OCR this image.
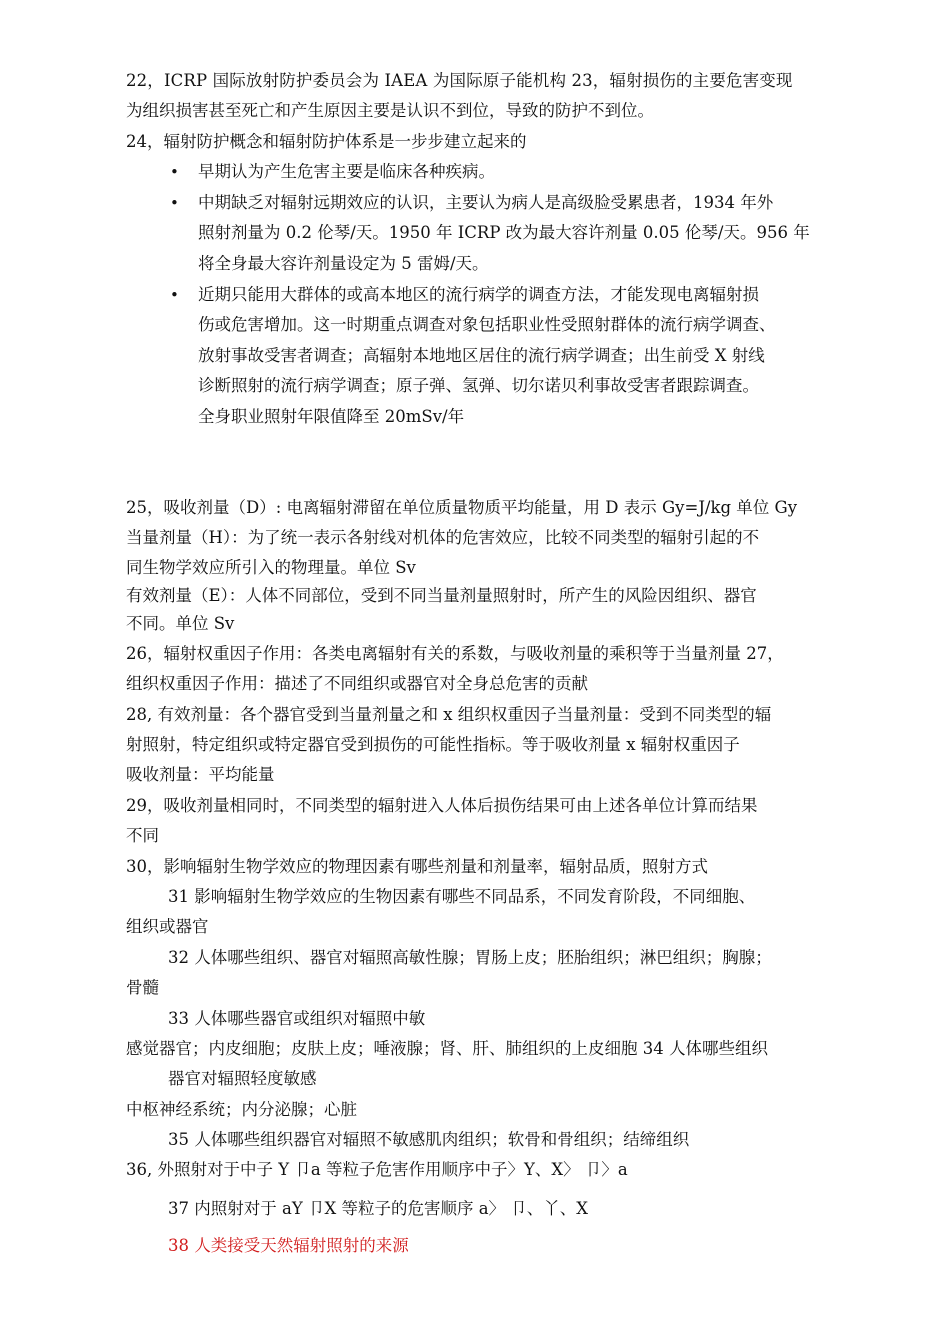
22，ICRP 国际放射防护委员会为 IAEA 为国际原子能机构 23，辐射损伤的主要危害变现
为组织损害甚至死亡和产生原因主要是认识不到位，导致的防护不到位。
24，辐射防护概念和辐射防护体系是一步步建立起来的
• 早期认为产生危害主要是临床各种疾病。
• 中期缺乏对辐射远期效应的认识，主要认为病人是高级脸受累患者，1934 年外
照射剂量为 0.2 伦琴/天。1950 年 ICRP 改为最大容许剂量 0.05 伦琴/天。956 年
将全身最大容许剂量设定为 5 雷姆/天。
• 近期只能用大群体的或高本地区的流行病学的调查方法，才能发现电离辐射损
伤或危害增加。这一时期重点调查对象包括职业性受照射群体的流行病学调查、
放射事故受害者调查；高辐射本地地区居住的流行病学调查；出生前受 X 射线
诊断照射的流行病学调查；原子弹、氢弹、切尔诺贝利事故受害者跟踪调查。
全身职业照射年限值降至 20mSv/年
25，吸收剂量（D）: 电离辐射滞留在单位质量物质平均能量，用 D 表示 Gy=J/kg 单位 Gy
当量剂量（H）：为了统一表示各射线对机体的危害效应，比较不同类型的辐射引起的不
同生物学效应所引入的物理量。单位 Sv
有效剂量（E）：人体不同部位，受到不同当量剂量照射时，所产生的风险因组织、器官
不同。单位 Sv
26，辐射权重因子作用：各类电离辐射有关的系数，与吸收剂量的乘积等于当量剂量 27，
组织权重因子作用：描述了不同组织或器官对全身总危害的贡献
28, 有效剂量：各个器官受到当量剂量之和 x 组织权重因子当量剂量：受到不同类型的辐
射照射，特定组织或特定器官受到损伤的可能性指标。等于吸收剂量 x 辐射权重因子
吸收剂量：平均能量
29，吸收剂量相同时，不同类型的辐射进入人体后损伤结果可由上述各单位计算而结果
不同
30，影响辐射生物学效应的物理因素有哪些剂量和剂量率，辐射品质，照射方式
31 影响辐射生物学效应的生物因素有哪些不同品系，不同发育阶段，不同细胞、
组织或器官
32 人体哪些组织、器官对辐照高敏性腺；胃肠上皮；胚胎组织；淋巴组织；胸腺；
骨髓
33 人体哪些器官或组织对辐照中敏
感觉器官；内皮细胞；皮肤上皮；唾液腺；肾、肝、肺组织的上皮细胞 34 人体哪些组织
器官对辐照轻度敏感
中枢神经系统；内分泌腺；心脏
35 人体哪些组织器官对辐照不敏感肌肉组织；软骨和骨组织；结缔组织
36, 外照射对于中子 Y 卩a 等粒子危害作用顺序中子〉Y、X〉 卩〉a
37 内照射对于 aY 卩X 等粒子的危害顺序 a〉 卩、丫、X
38 人类接受天然辐射照射的来源
